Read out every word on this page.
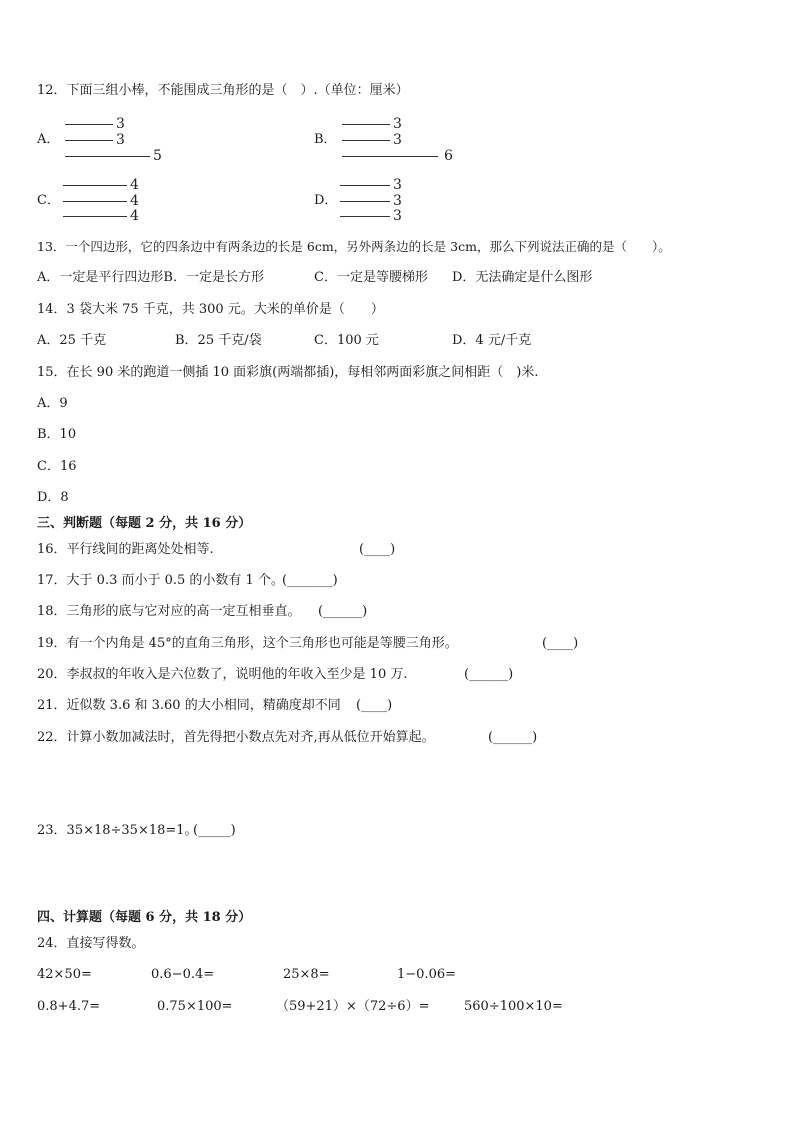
12．下面三组小棒，不能围成三角形的是（　）.（单位：厘米）
A．
3
3
5
B．
3
3
6
C．
4
4
4
D．
3
3
3
13．一个四边形，它的四条边中有两条边的长是 6cm，另外两条边的长是 3cm，那么下列说法正确的是（　　）。
A．一定是平行四边形B．一定是长方形	C．一定是等腰梯形 D．无法确定是什么图形
14．3 袋大米 75 千克，共 300 元。大米的单价是（　　）
A．25 千克	B．25 千克/袋	C．100 元	D．4 元/千克
15．在长 90 米的跑道一侧插 10 面彩旗(两端都插)，每相邻两面彩旗之间相距（　)米.
A．9
B．10
C．16
D．8
三、判断题（每题 2 分，共 16 分）
16．平行线间的距离处处相等.	(____)
17．大于 0.3 而小于 0.5 的小数有 1 个。
(_______)
18．三角形的底与它对应的高一定互相垂直。 (______)
19．有一个内角是 45°的直角三角形，这个三角形也可能是等腰三角形。	(____)
20．李叔叔的年收入是六位数了，说明他的年收入至少是 10 万.	(______)
21．近似数 3.6 和 3.60 的大小相同，精确度却不同 (____)
22．计算小数加减法时，首先得把小数点先对齐,再从低位开始算起。	(______)
23．35×18÷35×18=1。
(_____)
四、计算题（每题 6 分，共 18 分）
24．直接写得数。
42×50=	0.6−0.4=	25×8=	1−0.06=
0.8+4.7=	0.75×100=	（59+21）×（72÷6）=	560÷100×10=
